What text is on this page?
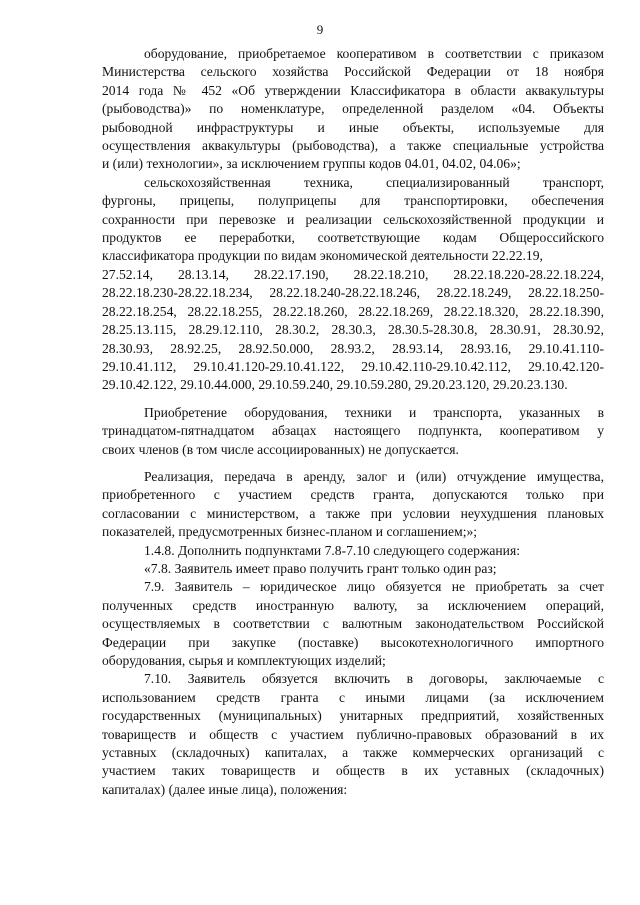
9

оборудование, приобретаемое кооперативом в соответствии с приказом
Министерства сельского хозяйства Российской Федерации от 18 ноября
2014 года № 452 «Об утверждении Классификатора в области аквакультуры
(рыбоводства)» по номенклатуре, определенной разделом «04. Объекты
рыбоводной инфраструктуры и иные объекты, используемые для
осуществления аквакультуры (рыбоводства), а также специальные устройства
и (или) технологии», за исключением группы кодов 04.01, 04.02, 04.06»;

сельскохозяйственная техника, специализированный транспорт,
фургоны, прицепы, полуприцепы для транспортировки, обеспечения
сохранности при перевозке и реализации сельскохозяйственной продукции и
продуктов ее переработки, соответствующие кодам Общероссийского
классификатора продукции по видам экономической деятельности 22.22.19,
27.52.14, 28.13.14, 28.22.17.190, 28.22.18.210, 28.22.18.220-28.22.18.224,
28.22.18.230-28.22.18.234, 28.22.18.240-28.22.18.246, 28.22.18.249, 28.22.18.250-
28.22.18.254, 28.22.18.255, 28.22.18.260, 28.22.18.269, 28.22.18.320, 28.22.18.390,
28.25.13.115, 28.29.12.110, 28.30.2, 28.30.3, 28.30.5-28.30.8, 28.30.91, 28.30.92,
28.30.93, 28.92.25, 28.92.50.000, 28.93.2, 28.93.14, 28.93.16, 29.10.41.110-
29.10.41.112, 29.10.41.120-29.10.41.122, 29.10.42.110-29.10.42.112, 29.10.42.120-
29.10.42.122, 29.10.44.000, 29.10.59.240, 29.10.59.280, 29.20.23.120, 29.20.23.130.

Приобретение оборудования, техники и транспорта, указанных в
тринадцатом-пятнадцатом абзацах настоящего подпункта, кооперативом у
своих членов (в том числе ассоциированных) не допускается.

Реализация, передача в аренду, залог и (или) отчуждение имущества,
приобретенного с участием средств гранта, допускаются только при
согласовании с министерством, а также при условии неухудшения плановых
показателей, предусмотренных бизнес-планом и соглашением;»;

1.4.8. Дополнить подпунктами 7.8-7.10 следующего содержания:

«7.8. Заявитель имеет право получить грант только один раз;

7.9. Заявитель – юридическое лицо обязуется не приобретать за счет
полученных средств иностранную валюту, за исключением операций,
осуществляемых в соответствии с валютным законодательством Российской
Федерации при закупке (поставке) высокотехнологичного импортного
оборудования, сырья и комплектующих изделий;

7.10. Заявитель обязуется включить в договоры, заключаемые с
использованием средств гранта с иными лицами (за исключением
государственных (муниципальных) унитарных предприятий, хозяйственных
товариществ и обществ с участием публично-правовых образований в их
уставных (складочных) капиталах, а также коммерческих организаций с
участием таких товариществ и обществ в их уставных (складочных)
капиталах) (далее иные лица), положения:
